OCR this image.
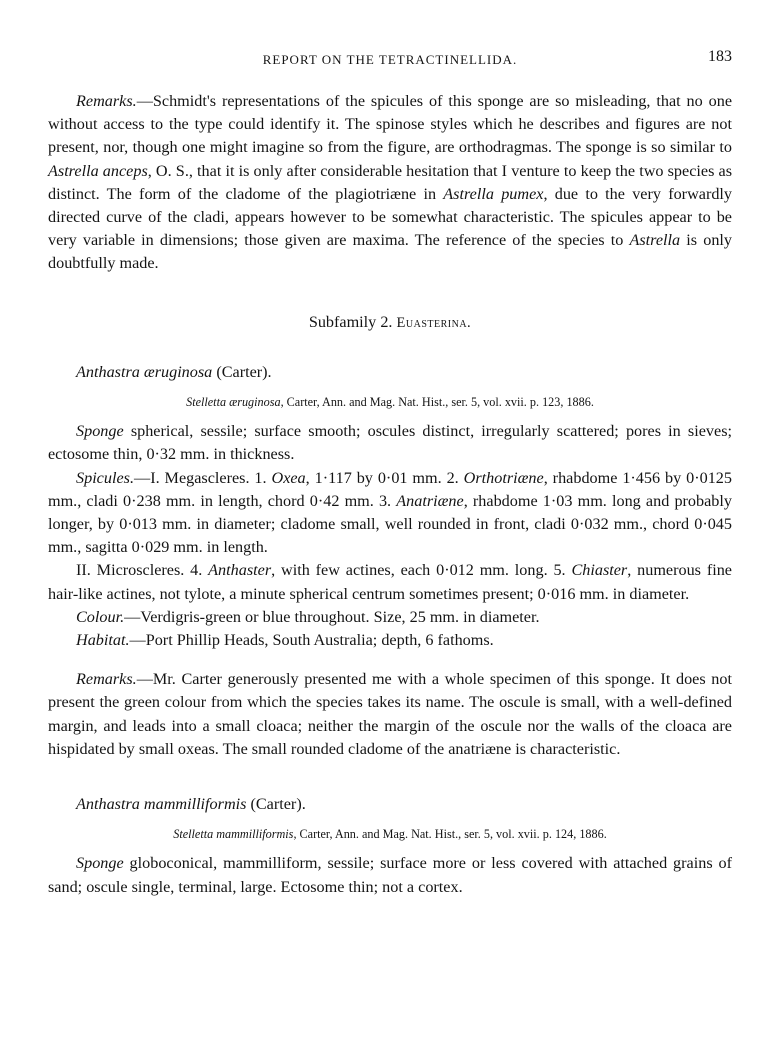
REPORT ON THE TETRACTINELLIDA.	183

Remarks.—Schmidt's representations of the spicules of this sponge are so misleading, that no one without access to the type could identify it. The spinose styles which he describes and figures are not present, nor, though one might imagine so from the figure, are orthodragmas. The sponge is so similar to Astrella anceps, O. S., that it is only after considerable hesitation that I venture to keep the two species as distinct. The form of the cladome of the plagiotriæne in Astrella pumex, due to the very forwardly directed curve of the cladi, appears however to be somewhat characteristic. The spicules appear to be very variable in dimensions; those given are maxima. The reference of the species to Astrella is only doubtfully made.

Subfamily 2. Euasterina.

Anthastra æruginosa (Carter).

Stelletta æruginosa, Carter, Ann. and Mag. Nat. Hist., ser. 5, vol. xvii. p. 123, 1886.

Sponge spherical, sessile; surface smooth; oscules distinct, irregularly scattered; pores in sieves; ectosome thin, 0·32 mm. in thickness.

Spicules.—I. Megascleres. 1. Oxea, 1·117 by 0·01 mm. 2. Orthotriæne, rhabdome 1·456 by 0·0125 mm., cladi 0·238 mm. in length, chord 0·42 mm. 3. Anatriæne, rhabdome 1·03 mm. long and probably longer, by 0·013 mm. in diameter; cladome small, well rounded in front, cladi 0·032 mm., chord 0·045 mm., sagitta 0·029 mm. in length.

II. Microscleres. 4. Anthaster, with few actines, each 0·012 mm. long. 5. Chiaster, numerous fine hair-like actines, not tylote, a minute spherical centrum sometimes present; 0·016 mm. in diameter.

Colour.—Verdigris-green or blue throughout. Size, 25 mm. in diameter.

Habitat.—Port Phillip Heads, South Australia; depth, 6 fathoms.

Remarks.—Mr. Carter generously presented me with a whole specimen of this sponge. It does not present the green colour from which the species takes its name. The oscule is small, with a well-defined margin, and leads into a small cloaca; neither the margin of the oscule nor the walls of the cloaca are hispidated by small oxeas. The small rounded cladome of the anatriæne is characteristic.

Anthastra mammilliformis (Carter).

Stelletta mammilliformis, Carter, Ann. and Mag. Nat. Hist., ser. 5, vol. xvii. p. 124, 1886.

Sponge globoconical, mammilliform, sessile; surface more or less covered with attached grains of sand; oscule single, terminal, large. Ectosome thin; not a cortex.
